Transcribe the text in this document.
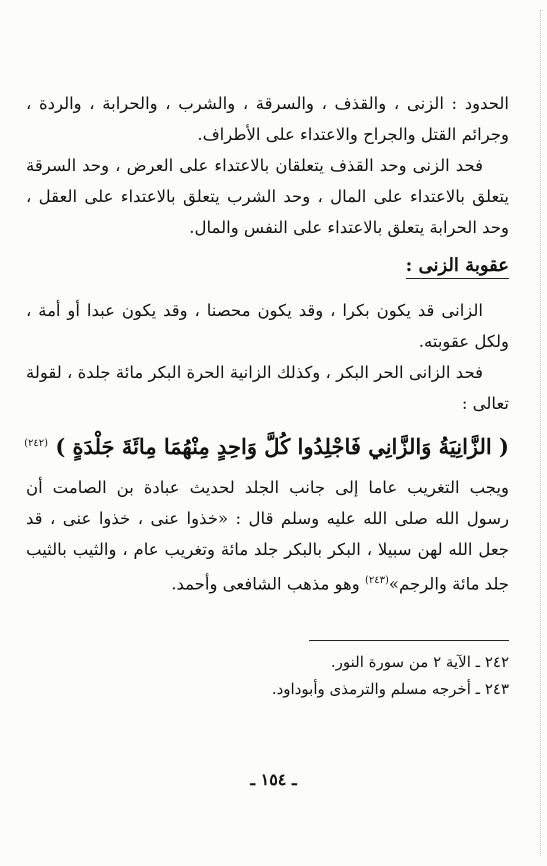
الحدود : الزنى ، والقذف ، والسرقة ، والشرب ، والحرابة ، والردة ، وجرائم القتل والجراح والاعتداء على الأطراف.

فحد الزنى وحد القذف يتعلقان بالاعتداء على العرض ، وحد السرقة يتعلق بالاعتداء على المال ، وحد الشرب يتعلق بالاعتداء على العقل ، وحد الحرابة يتعلق بالاعتداء على النفس والمال.

عقوبة الزنى :

الزانى قد يكون بكرا ، وقد يكون محصنا ، وقد يكون عبدا أو أمة ، ولكل عقوبته.

فحد الزانى الحر البكر ، وكذلك الزانية الحرة البكر مائة جلدة ، لقولة تعالى :

( الزَّانِيَةُ وَالزَّانِي فَاجْلِدُوا كُلَّ وَاحِدٍ مِنْهُمَا مِائَةَ جَلْدَةٍ ) $^{(٢٤٢)}$

ويجب التغريب عاما إلى جانب الجلد لحديث عبادة بن الصامت أن رسول الله صلى الله عليه وسلم قال : «خذوا عنى ، خذوا عنى ، قد جعل الله لهن سبيلا ، البكر بالبكر جلد مائة وتغريب عام ، والثيب بالثيب جلد مائة والرجم»$^{(٢٤٣)}$ وهو مذهب الشافعى وأحمد.

٢٤٢ ـ الآية ٢ من سورة النور.
٢٤٣ ـ أخرجه مسلم والترمذى وأبوداود.
ـ ١٥٤ ـ
